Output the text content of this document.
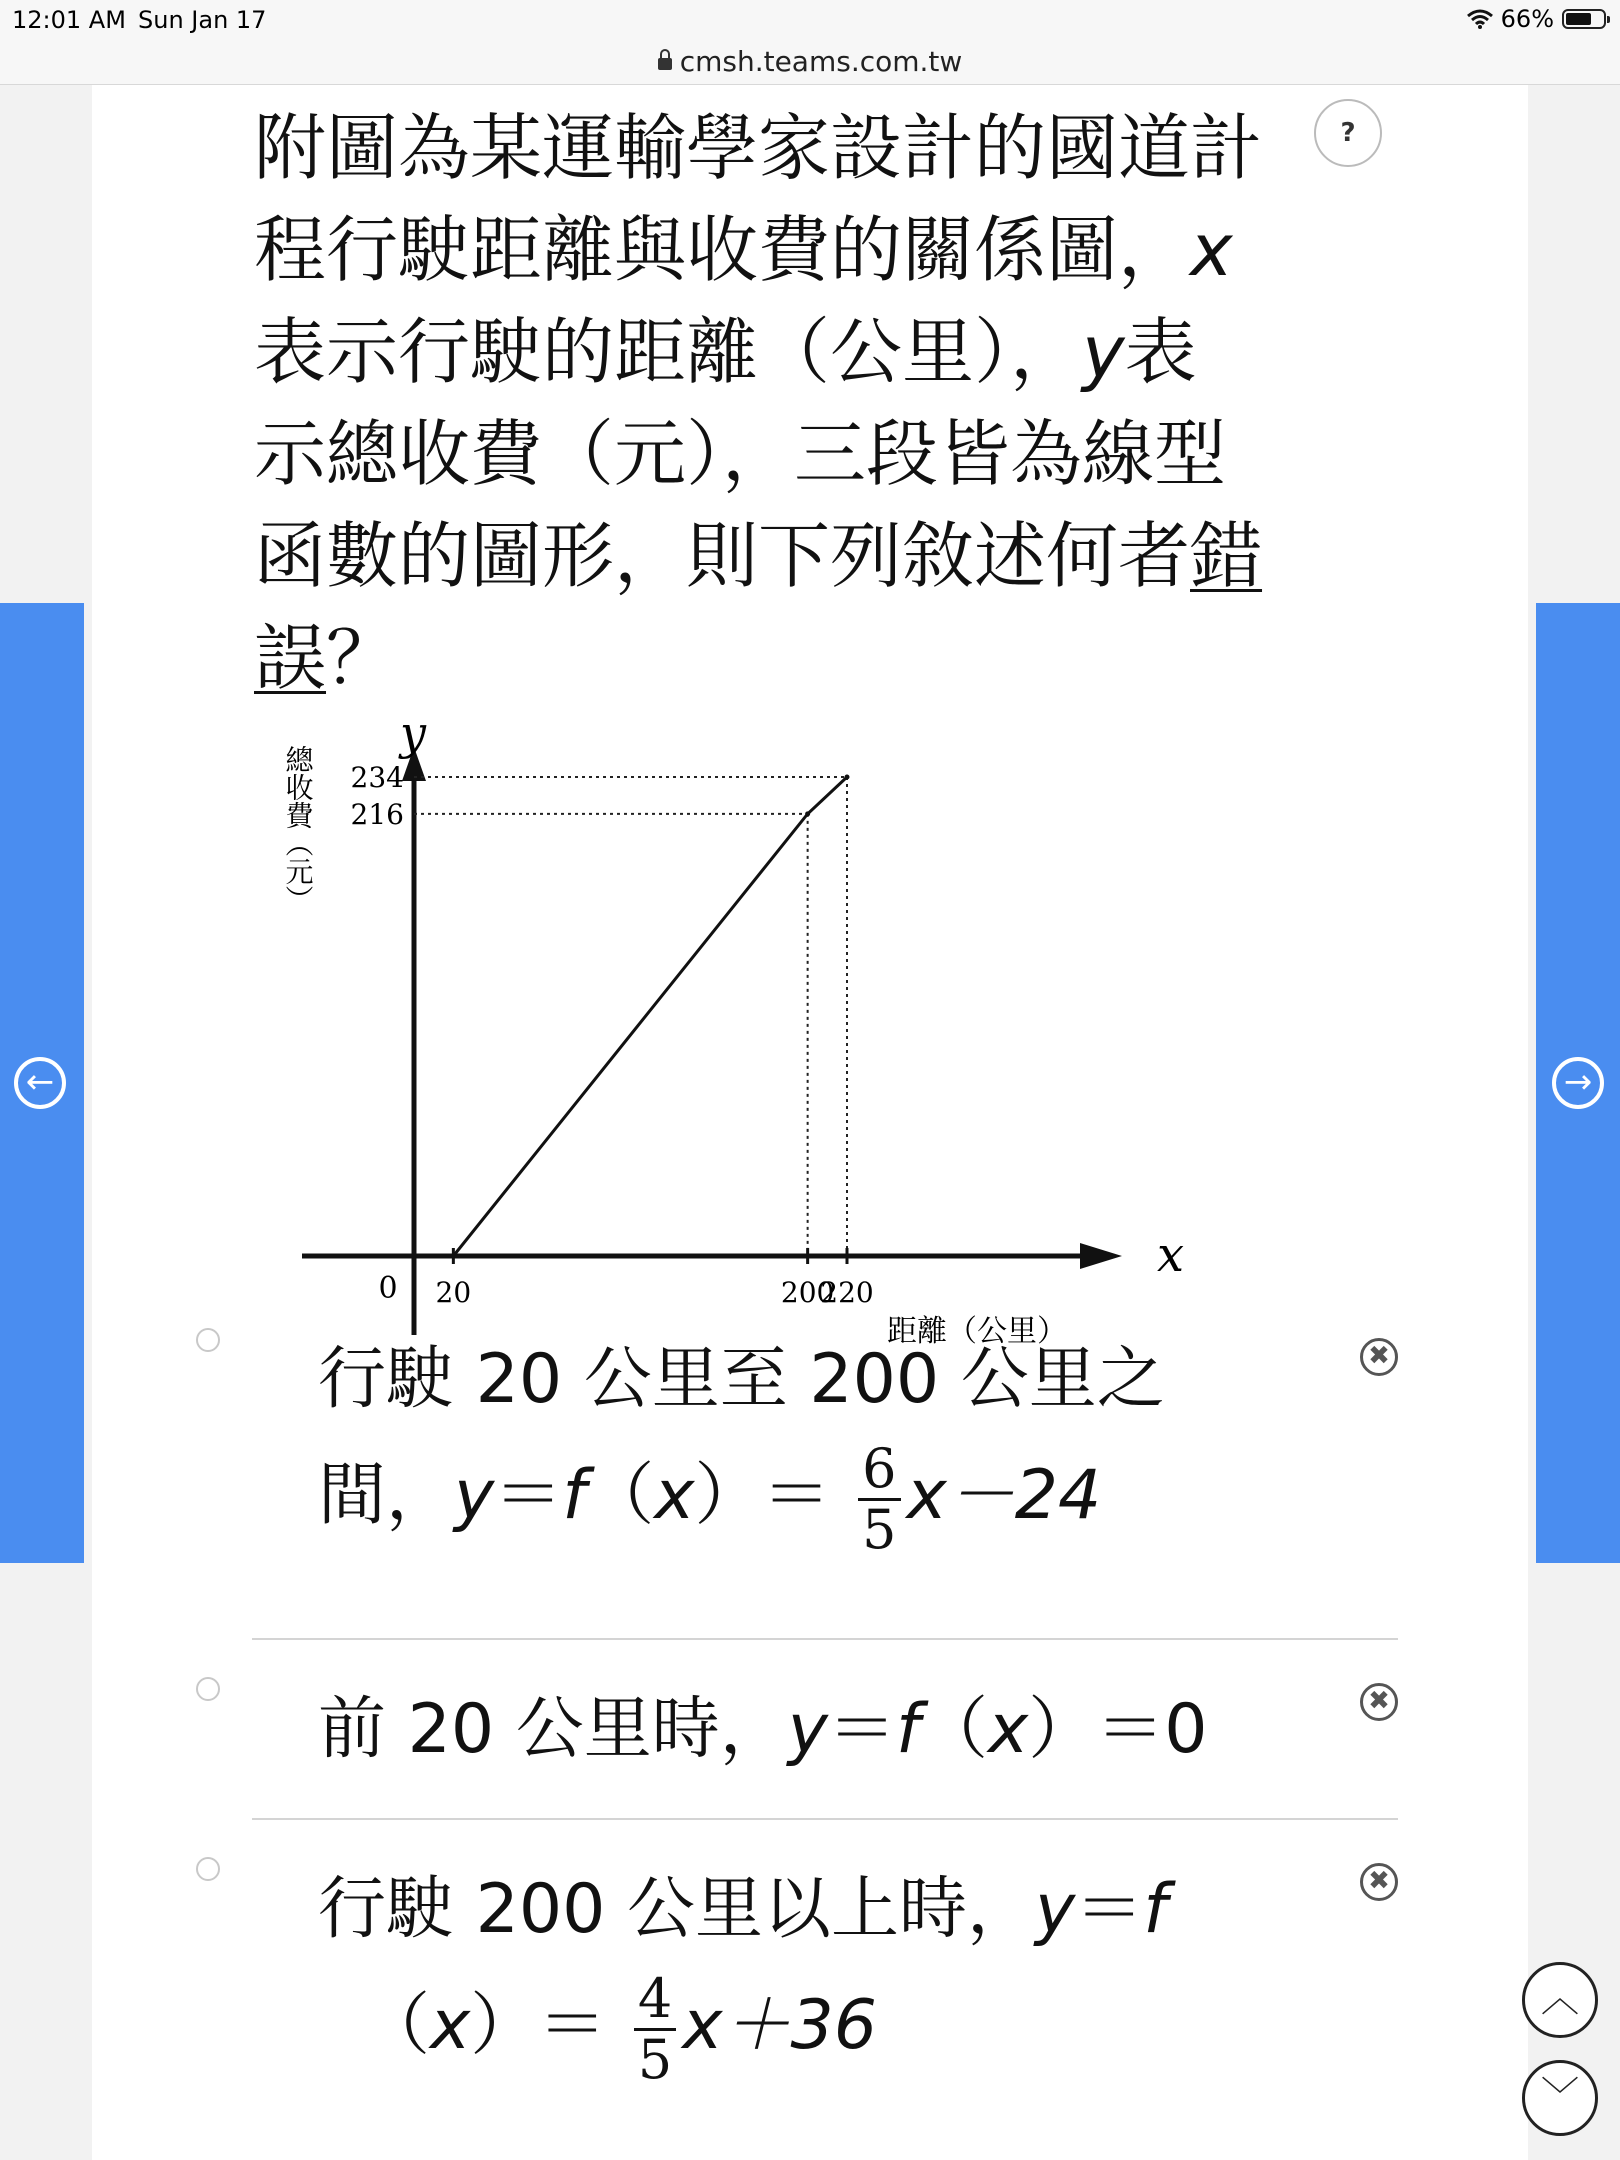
12:01 AM Sun Jan 17	66%
cmsh.teams.com.tw
←	→
附圖為某運輸學家設計的國道計
程行駛距離與收費的關係圖，x
表示行駛的距離（公里），y表
示總收費（元），三段皆為線型
函數的圖形，則下列敘述何者錯
誤？
?
x
y
216
234
0 20	200
220
距離（公里）
總收費（元）
行駛 20 公里至 200 公里之
間，$y=f(x)= \frac{6}{5} x-24$
✖
前 20 公里時，y＝f（x）＝0	✖
行駛 200 公里以上時，y＝f
$(x)= \frac{4}{5} x+36$
✖
︿
﹀
